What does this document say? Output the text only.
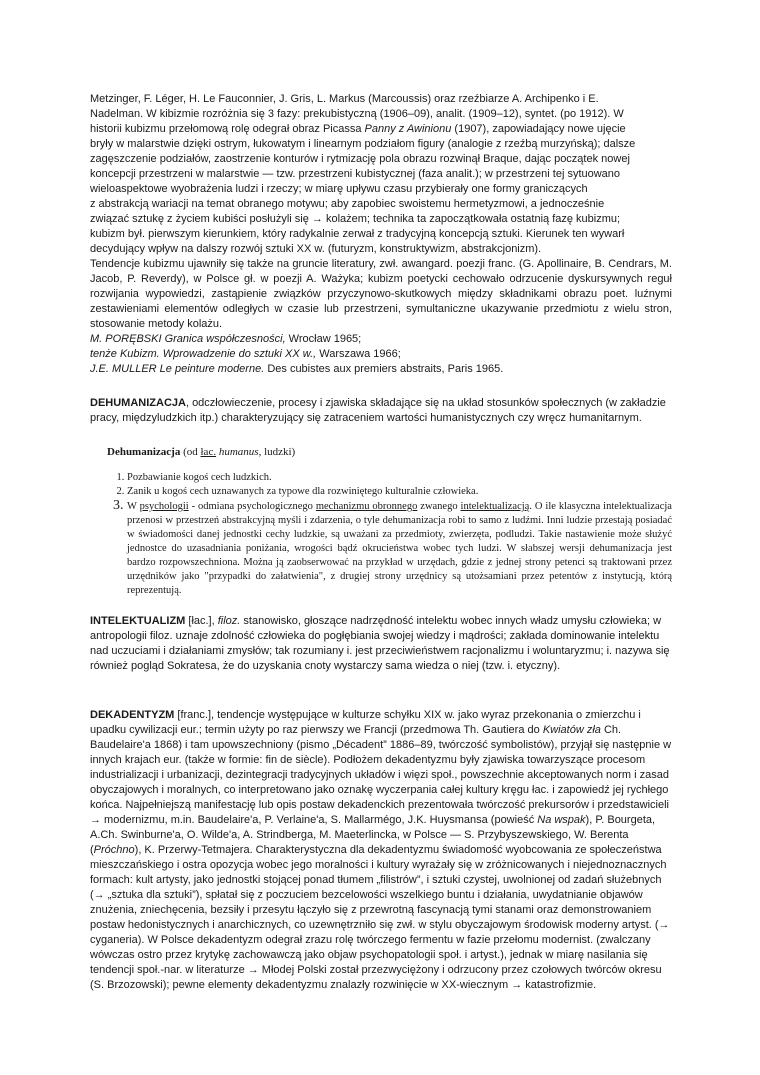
Metzinger, F. Léger, H. Le Fauconnier, J. Gris, L. Markus (Marcoussis) oraz rzeźbiarze A. Archipenko i E.

Nadelman. W kibizmie rozróżnia się 3 fazy: prekubistyczną (1906–09), analit. (1909–12), syntet. (po 1912). W

historii kubizmu przełomową rolę odegrał obraz Picassa Panny z Awinionu (1907), zapowiadający nowe ujęcie

bryły w malarstwie dzięki ostrym, łukowatym i linearnym podziałom figury (analogie z rzeźbą murzyńską); dalsze

zagęszczenie podziałów, zaostrzenie konturów i rytmizację pola obrazu rozwinął Braque, dając początek nowej

koncepcji przestrzeni w malarstwie — tzw. przestrzeni kubistycznej (faza analit.); w przestrzeni tej sytuowano

wieloaspektowe wyobrażenia ludzi i rzeczy; w miarę upływu czasu przybierały one formy graniczących

z abstrakcją wariacji na temat obranego motywu; aby zapobiec swoistemu hermetyzmowi, a jednocześnie

związać sztukę z życiem kubiści posłużyli się → kolażem; technika ta zapoczątkowała ostatnią fazę kubizmu;

kubizm był. pierwszym kierunkiem, który radykalnie zerwał z tradycyjną koncepcją sztuki. Kierunek ten wywarł

decydujący wpływ na dalszy rozwój sztuki XX w. (futuryzm, konstruktywizm, abstrakcjonizm).

Tendencje kubizmu ujawniły się także na gruncie literatury, zwł. awangard. poezji franc. (G. Apollinaire, B. Cendrars, M. Jacob, P. Reverdy), w Polsce gł. w poezji A. Ważyka; kubizm poetycki cechowało odrzucenie dyskursywnych reguł rozwijania wypowiedzi, zastąpienie związków przyczynowo-skutkowych między składnikami obrazu poet. luźnymi zestawieniami elementów odległych w czasie lub przestrzeni, symultaniczne ukazywanie przedmiotu z wielu stron, stosowanie metody kolażu.

M. PORĘBSKI Granica współczesności, Wrocław 1965;

tenże Kubizm. Wprowadzenie do sztuki XX w., Warszawa 1966;

J.E. MULLER Le peinture moderne. Des cubistes aux premiers abstraits, Paris 1965.

DEHUMANIZACJA, odczłowieczenie, procesy i zjawiska składające się na układ stosunków społecznych (w zakładzie pracy, międzyludzkich itp.) charakteryzujący się zatraceniem wartości humanistycznych czy wręcz humanitarnym.

Dehumanizacja (od łac. humanus, ludzki)

1. Pozbawianie kogoś cech ludzkich.
2. Zanik u kogoś cech uznawanych za typowe dla rozwiniętego kulturalnie człowieka.
3. W psychologii - odmiana psychologicznego mechanizmu obronnego zwanego intelektualizacją. O ile klasyczna intelektualizacja przenosi w przestrzeń abstrakcyjną myśli i zdarzenia, o tyle dehumanizacja robi to samo z ludźmi. Inni ludzie przestają posiadać w świadomości danej jednostki cechy ludzkie, są uważani za przedmioty, zwierzęta, podludzi. Takie nastawienie może służyć jednostce do uzasadniania poniżania, wrogości bądź okrucieństwa wobec tych ludzi. W słabszej wersji dehumanizacja jest bardzo rozpowszechniona. Można ją zaobserwować na przykład w urzędach, gdzie z jednej strony petenci są traktowani przez urzędników jako "przypadki do załatwienia", z drugiej strony urzędnicy są utożsamiani przez petentów z instytucją, którą reprezentują.

INTELEKTUALIZM [łac.], filoz. stanowisko, głoszące nadrzędność intelektu wobec innych władz umysłu człowieka; w antropologii filoz. uznaje zdolność człowieka do pogłębiania swojej wiedzy i mądrości; zakłada dominowanie intelektu nad uczuciami i działaniami zmysłów; tak rozumiany i. jest przeciwieństwem racjonalizmu i woluntaryzmu; i. nazywa się również pogląd Sokratesa, że do uzyskania cnoty wystarczy sama wiedza o niej (tzw. i. etyczny).

DEKADENTYZM [franc.], tendencje występujące w kulturze schyłku XIX w. jako wyraz przekonania o zmierzchu i upadku cywilizacji eur.; termin użyty po raz pierwszy we Francji (przedmowa Th. Gautiera do Kwiatów zła Ch. Baudelaire'a 1868) i tam upowszechniony (pismo „Décadent” 1886–89, twórczość symbolistów), przyjął się następnie w innych krajach eur. (także w formie: fin de siècle). Podłożem dekadentyzmu były zjawiska towarzyszące procesom industrializacji i urbanizacji, dezintegracji tradycyjnych układów i więzi społ., powszechnie akceptowanych norm i zasad obyczajowych i moralnych, co interpretowano jako oznakę wyczerpania całej kultury kręgu łac. i zapowiedź jej rychłego końca. Najpełniejszą manifestację lub opis postaw dekadenckich prezentowała twórczość prekursorów i przedstawicieli → modernizmu, m.in. Baudelaire'a, P. Verlaine'a, S. Mallarmégo, J.K. Huysmansa (powieść Na wspak), P. Bourgeta, A.Ch. Swinburne'a, O. Wilde'a, A. Strindberga, M. Maeterlincka, w Polsce — S. Przybyszewskiego, W. Berenta (Próchno), K. Przerwy-Tetmajera. Charakterystyczna dla dekadentyzmu świadomość wyobcowania ze społeczeństwa mieszczańskiego i ostra opozycja wobec jego moralności i kultury wyrażały się w zróżnicowanych i niejednoznacznych formach: kult artysty, jako jednostki stojącej ponad tłumem „filistrów”, i sztuki czystej, uwolnionej od zadań służebnych (→ „sztuka dla sztuki”), spłatał się z poczuciem bezcelowości wszelkiego buntu i działania, uwydatnianie objawów znużenia, zniechęcenia, bezsiły i przesytu łączyło się z przewrotną fascynacją tymi stanami oraz demonstrowaniem postaw hedonistycznych i anarchicznych, co uzewnętrzniło się zwł. w stylu obyczajowym środowisk moderny artyst. (→ cyganeria). W Polsce dekadentyzm odegrał zrazu rolę twórczego fermentu w fazie przełomu modernist. (zwalczany wówczas ostro przez krytykę zachowawczą jako objaw psychopatologii społ. i artyst.), jednak w miarę nasilania się tendencji społ.-nar. w literaturze → Młodej Polski został przezwyciężony i odrzucony przez czołowych twórców okresu (S. Brzozowski); pewne elementy dekadentyzmu znalazły rozwinięcie w XX-wiecznym → katastrofizmie.
